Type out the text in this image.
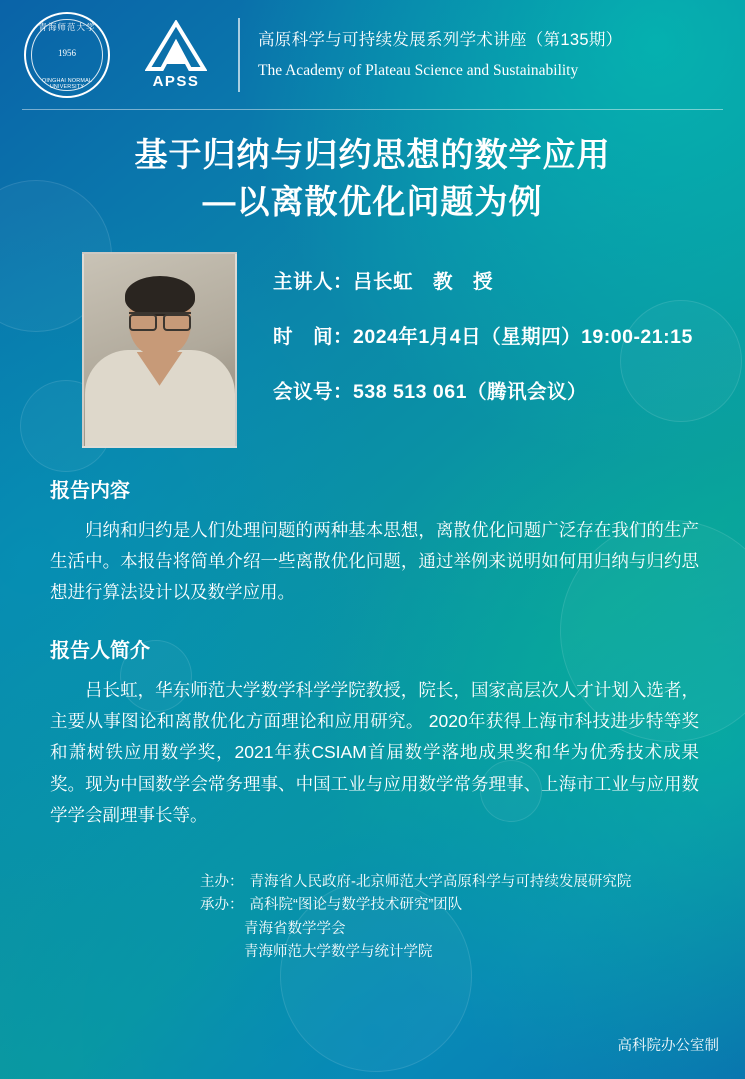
青海师范大学
1956
QINGHAI NORMAL UNIVERSITY	APSS
高原科学与可持续发展系列学术讲座（第135期）
The Academy of Plateau Science and Sustainability
基于归纳与归约思想的数学应用
—以离散优化问题为例
主讲人：吕长虹　教　授
时　间：2024年1月4日（星期四）19:00-21:15
会议号：538 513 061（腾讯会议）
报告内容
归纳和归约是人们处理问题的两种基本思想，离散优化问题广泛存在我们的生产生活中。本报告将简单介绍一些离散优化问题，通过举例来说明如何用归纳与归约思想进行算法设计以及数学应用。
报告人简介
吕长虹，华东师范大学数学科学学院教授，院长，国家高层次人才计划入选者，主要从事图论和离散优化方面理论和应用研究。 2020年获得上海市科技进步特等奖和萧树铁应用数学奖，2021年获CSIAM首届数学落地成果奖和华为优秀技术成果奖。现为中国数学会常务理事、中国工业与应用数学常务理事、上海市工业与应用数学学会副理事长等。
主办： 青海省人民政府-北京师范大学高原科学与可持续发展研究院
承办： 高科院“图论与数学技术研究”团队
青海省数学学会
青海师范大学数学与统计学院
高科院办公室制
